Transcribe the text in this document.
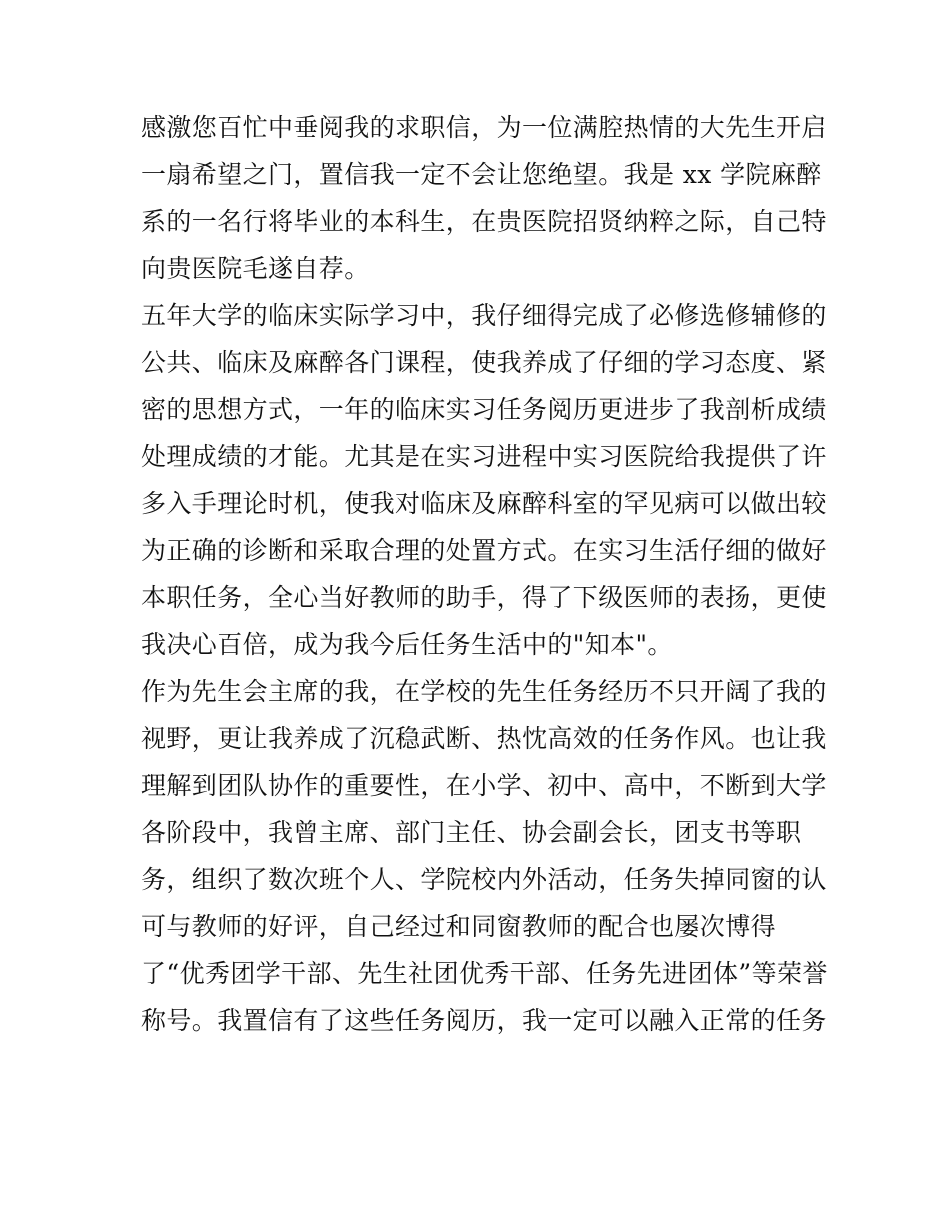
感激您百忙中垂阅我的求职信，为一位满腔热情的大先生开启
一扇希望之门，置信我一定不会让您绝望。我是 xx 学院麻醉
系的一名行将毕业的本科生，在贵医院招贤纳粹之际，自己特
向贵医院毛遂自荐。
五年大学的临床实际学习中，我仔细得完成了必修选修辅修的
公共、临床及麻醉各门课程，使我养成了仔细的学习态度、紧
密的思想方式，一年的临床实习任务阅历更进步了我剖析成绩
处理成绩的才能。尤其是在实习进程中实习医院给我提供了许
多入手理论时机，使我对临床及麻醉科室的罕见病可以做出较
为正确的诊断和采取合理的处置方式。在实习生活仔细的做好
本职任务，全心当好教师的助手，得了下级医师的表扬，更使
我决心百倍，成为我今后任务生活中的"知本"。
作为先生会主席的我，在学校的先生任务经历不只开阔了我的
视野，更让我养成了沉稳武断、热忱高效的任务作风。也让我
理解到团队协作的重要性，在小学、初中、高中，不断到大学
各阶段中，我曾主席、部门主任、协会副会长，团支书等职
务，组织了数次班个人、学院校内外活动，任务失掉同窗的认
可与教师的好评，自己经过和同窗教师的配合也屡次博得
了“优秀团学干部、先生社团优秀干部、任务先进团体”等荣誉
称号。我置信有了这些任务阅历，我一定可以融入正常的任务
